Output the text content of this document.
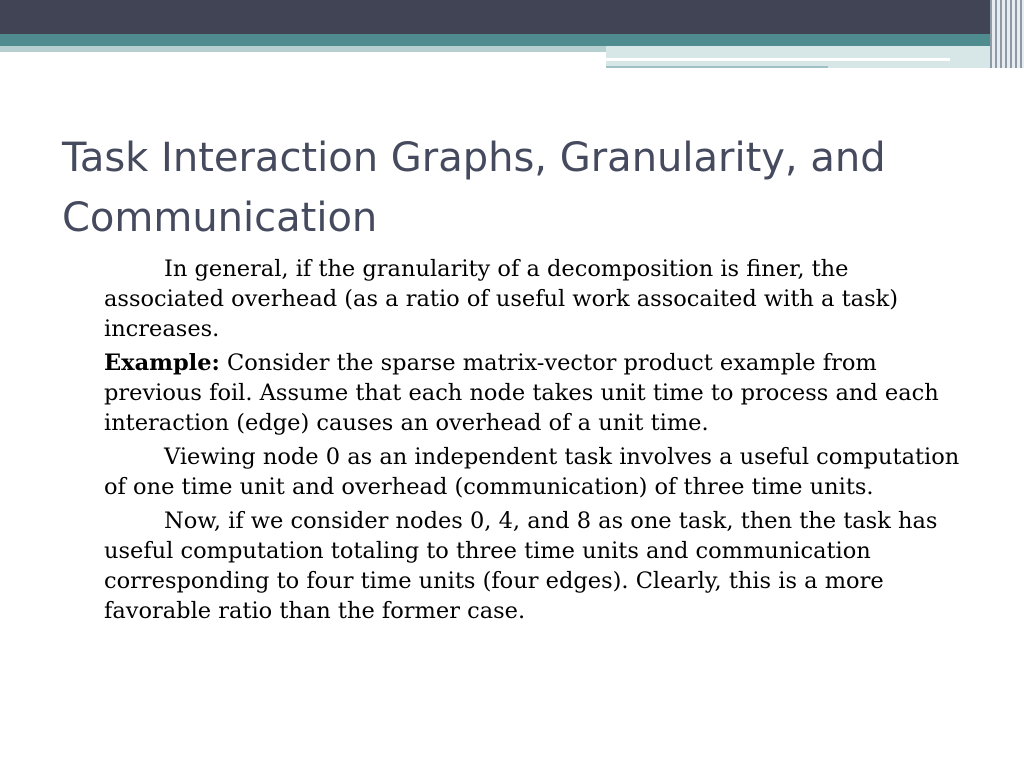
Task Interaction Graphs, Granularity, and Communication

In general, if the granularity of a decomposition is finer, the associated overhead (as a ratio of useful work assocaited with a task) increases.

Example: Consider the sparse matrix-vector product example from previous foil. Assume that each node takes unit time to process and each interaction (edge) causes an overhead of a unit time.

Viewing node 0 as an independent task involves a useful computation of one time unit and overhead (communication) of three time units.

Now, if we consider nodes 0, 4, and 8 as one task, then the task has useful computation totaling to three time units and communication corresponding to four time units (four edges). Clearly, this is a more favorable ratio than the former case.
